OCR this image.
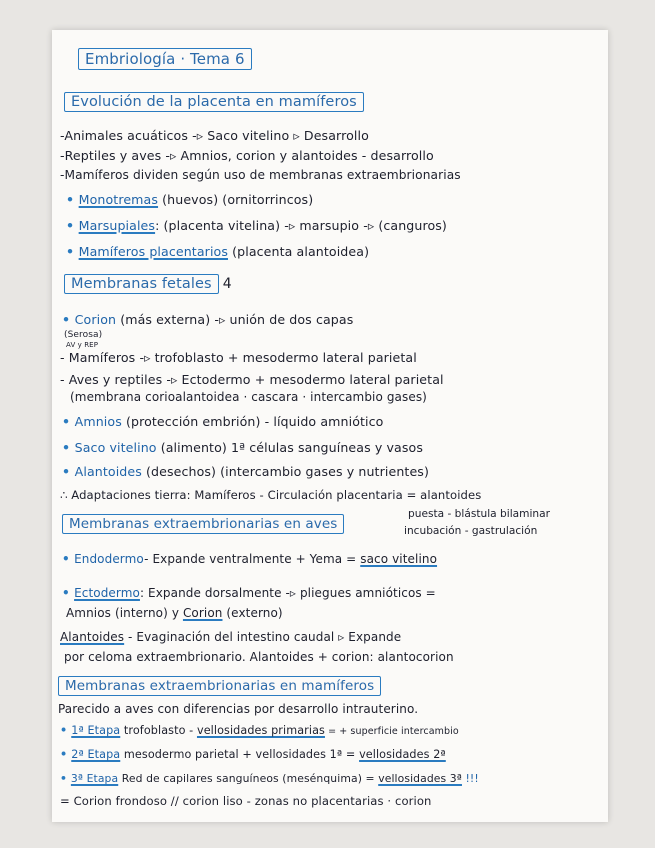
Embriología · Tema 6
Evolución de la placenta en mamíferos
-Animales acuáticos -▹ Saco vitelino ▹ Desarrollo
-Reptiles y aves -▹ Amnios, corion y alantoides - desarrollo
-Mamíferos dividen según uso de membranas extraembrionarias
• Monotremas (huevos) (ornitorrincos)
• Marsupiales: (placenta vitelina) -▹ marsupio -▹ (canguros)
• Mamíferos placentarios (placenta alantoidea)
Membranas fetales 4
• Corion (más externa) -▹ unión de dos capas
(Serosa)
AV y REP
- Mamíferos -▹ trofoblasto + mesodermo lateral parietal
- Aves y reptiles -▹ Ectodermo + mesodermo lateral parietal
(membrana corioalantoidea · cascara · intercambio gases)
• Amnios (protección embrión) - líquido amniótico
• Saco vitelino (alimento) 1ª células sanguíneas y vasos
• Alantoides (desechos) (intercambio gases y nutrientes)
∴ Adaptaciones tierra: Mamíferos - Circulación placentaria = alantoides
Membranas extraembrionarias en aves
puesta - blástula bilaminar
incubación - gastrulación
• Endodermo- Expande ventralmente + Yema = saco vitelino
• Ectodermo: Expande dorsalmente -▹ pliegues amnióticos =
Amnios (interno) y Corion (externo)
Alantoides - Evaginación del intestino caudal ▹ Expande
por celoma extraembrionario. Alantoides + corion: alantocorion
Membranas extraembrionarias en mamíferos
Parecido a aves con diferencias por desarrollo intrauterino.
• 1ª Etapa trofoblasto - vellosidades primarias = + superficie intercambio
• 2ª Etapa mesodermo parietal + vellosidades 1ª = vellosidades 2ª
• 3ª Etapa Red de capilares sanguíneos (mesénquima) = vellosidades 3ª !!!
= Corion frondoso // corion liso - zonas no placentarias · corion
